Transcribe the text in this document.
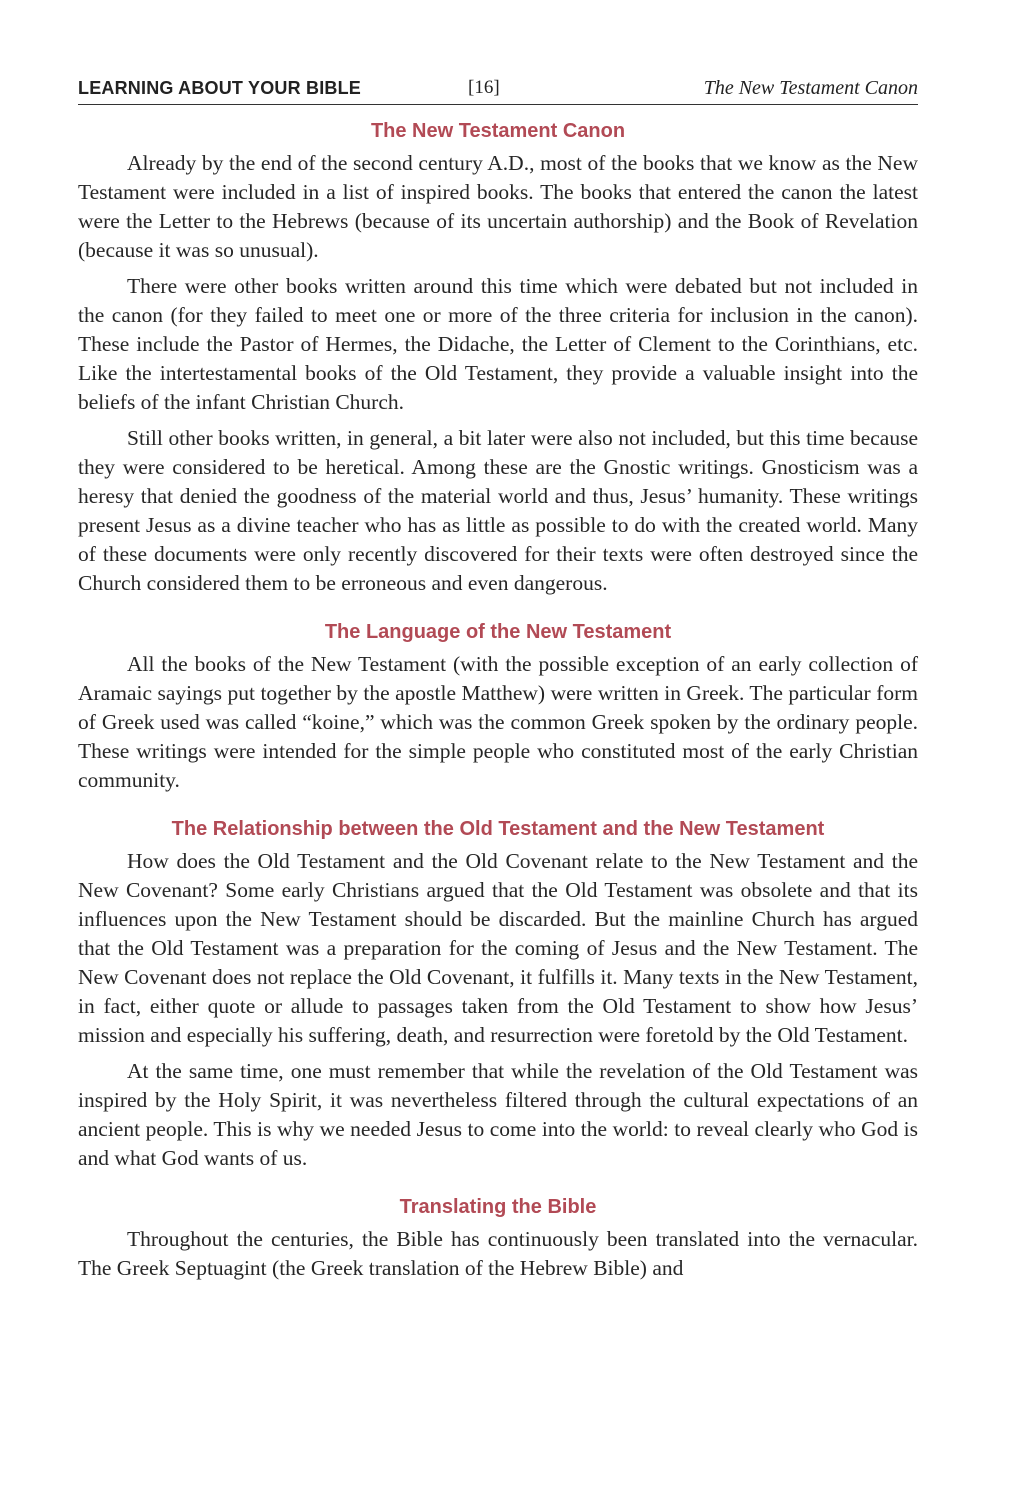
LEARNING ABOUT YOUR BIBLE	[16]	The New Testament Canon
The New Testament Canon

Already by the end of the second century A.D., most of the books that we know as the New Testament were included in a list of inspired books. The books that entered the canon the latest were the Letter to the Hebrews (because of its uncertain authorship) and the Book of Revelation (because it was so unusual).

There were other books written around this time which were debated but not included in the canon (for they failed to meet one or more of the three criteria for inclusion in the canon). These include the Pastor of Hermes, the Didache, the Letter of Clement to the Corinthians, etc. Like the intertestamental books of the Old Testament, they provide a valuable insight into the beliefs of the infant Christian Church.

Still other books written, in general, a bit later were also not included, but this time because they were considered to be heretical. Among these are the Gnostic writings. Gnosticism was a heresy that denied the goodness of the material world and thus, Jesus’ humanity. These writings present Jesus as a divine teacher who has as little as possible to do with the created world. Many of these documents were only recently discovered for their texts were often destroyed since the Church considered them to be erroneous and even dangerous.

The Language of the New Testament

All the books of the New Testament (with the possible exception of an early collection of Aramaic sayings put together by the apostle Matthew) were written in Greek. The particular form of Greek used was called “koine,” which was the common Greek spoken by the ordinary people. These writings were intended for the simple people who constituted most of the early Christian community.

The Relationship between the Old Testament and the New Testament

How does the Old Testament and the Old Covenant relate to the New Testament and the New Covenant? Some early Christians argued that the Old Testament was obsolete and that its influences upon the New Testament should be discarded. But the mainline Church has argued that the Old Testament was a preparation for the coming of Jesus and the New Testament. The New Covenant does not replace the Old Covenant, it fulfills it. Many texts in the New Testament, in fact, either quote or allude to passages taken from the Old Testament to show how Jesus’ mission and especially his suffering, death, and resurrection were foretold by the Old Testament.

At the same time, one must remember that while the revelation of the Old Testament was inspired by the Holy Spirit, it was nevertheless filtered through the cultural expectations of an ancient people. This is why we needed Jesus to come into the world: to reveal clearly who God is and what God wants of us.

Translating the Bible

Throughout the centuries, the Bible has continuously been translated into the vernacular. The Greek Septuagint (the Greek translation of the Hebrew Bible) and
